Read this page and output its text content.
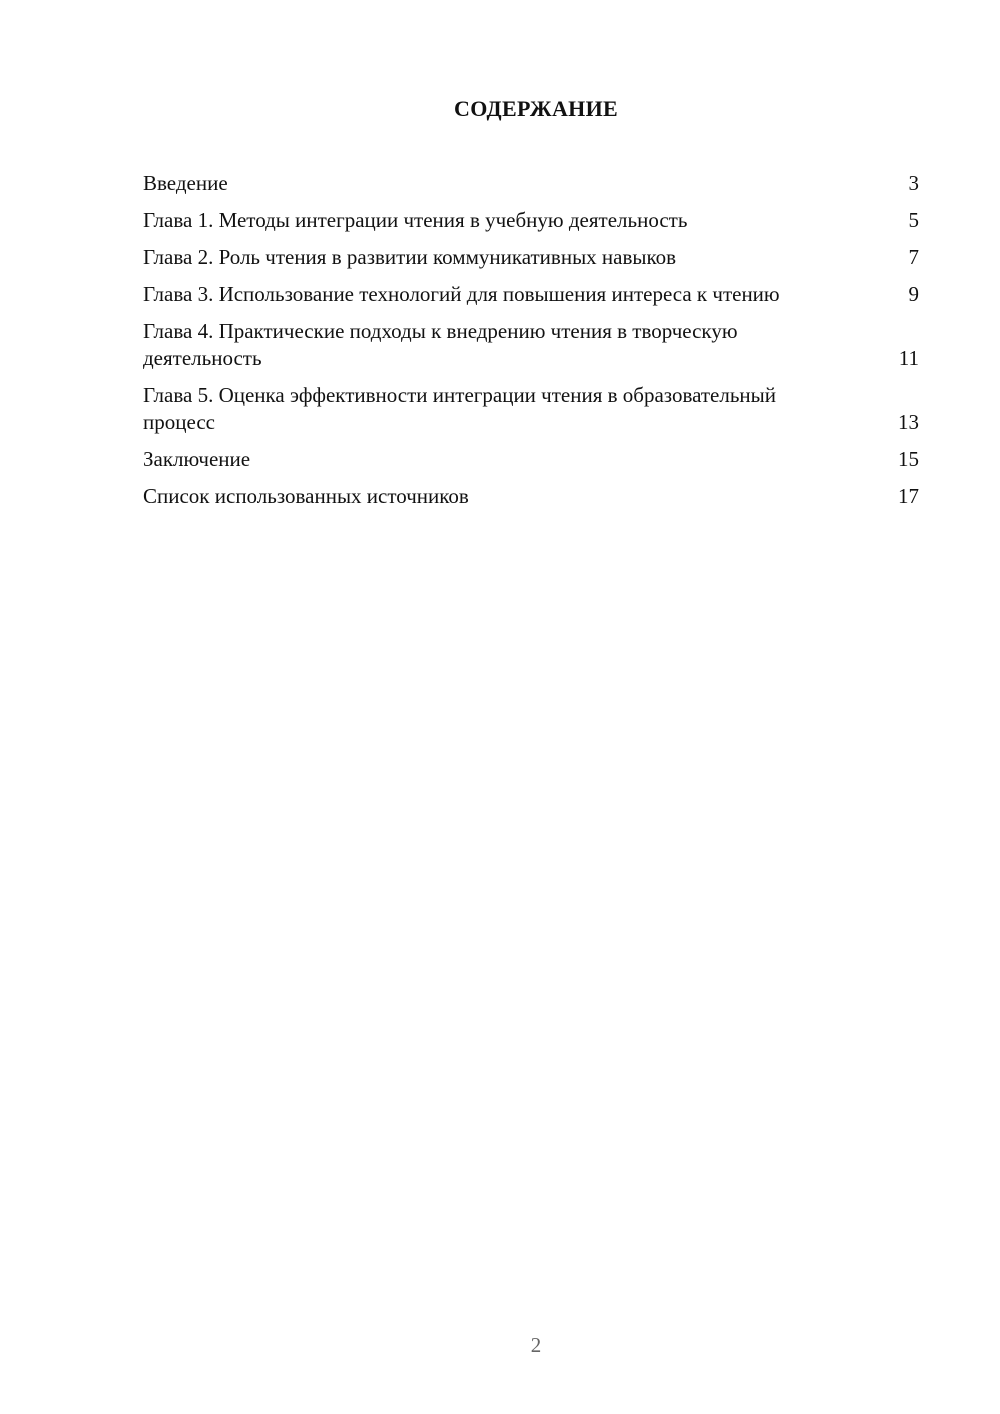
СОДЕРЖАНИЕ
Введение	3
Глава 1. Методы интеграции чтения в учебную деятельность	5
Глава 2. Роль чтения в развитии коммуникативных навыков	7
Глава 3. Использование технологий для повышения интереса к чтению	9
Глава 4. Практические подходы к внедрению чтения в творческую деятельность	11
Глава 5. Оценка эффективности интеграции чтения в образовательный процесс	13
Заключение	15
Список использованных источников	17
2
